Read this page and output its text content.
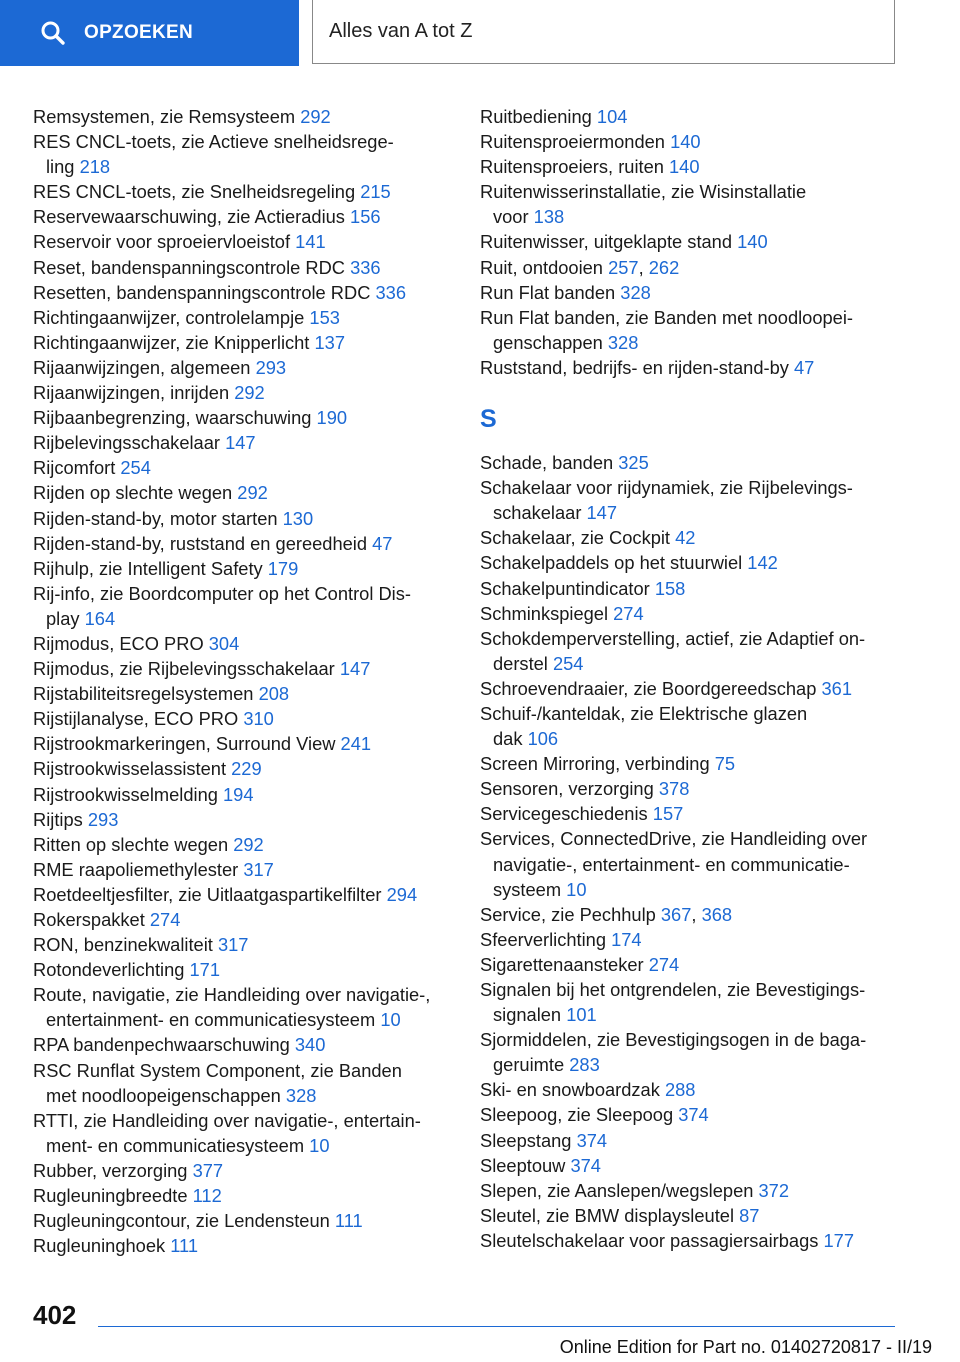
OPZOEKEN	Alles van A tot Z

Remsystemen, zie Remsysteem 292

RES CNCL-toets, zie Actieve snelheidsrege-
ling 218

RES CNCL-toets, zie Snelheidsregeling 215

Reservewaarschuwing, zie Actieradius 156

Reservoir voor sproeiervloeistof 141

Reset, bandenspanningscontrole RDC 336

Resetten, bandenspanningscontrole RDC 336

Richtingaanwijzer, controlelampje 153

Richtingaanwijzer, zie Knipperlicht 137

Rijaanwijzingen, algemeen 293

Rijaanwijzingen, inrijden 292

Rijbaanbegrenzing, waarschuwing 190

Rijbelevingsschakelaar 147

Rijcomfort 254

Rijden op slechte wegen 292

Rijden-stand-by, motor starten 130

Rijden-stand-by, ruststand en gereedheid 47

Rijhulp, zie Intelligent Safety 179

Rij-info, zie Boordcomputer op het Control Dis-
play 164

Rijmodus, ECO PRO 304

Rijmodus, zie Rijbelevingsschakelaar 147

Rijstabiliteitsregelsystemen 208

Rijstijlanalyse, ECO PRO 310

Rijstrookmarkeringen, Surround View 241

Rijstrookwisselassistent 229

Rijstrookwisselmelding 194

Rijtips 293

Ritten op slechte wegen 292

RME raapoliemethylester 317

Roetdeeltjesfilter, zie Uitlaatgaspartikelfilter 294

Rokerspakket 274

RON, benzinekwaliteit 317

Rotondeverlichting 171

Route, navigatie, zie Handleiding over navigatie-,
entertainment- en communicatiesysteem 10

RPA bandenpechwaarschuwing 340

RSC Runflat System Component, zie Banden
met noodloopeigenschappen 328

RTTI, zie Handleiding over navigatie-, entertain-
ment- en communicatiesysteem 10

Rubber, verzorging 377

Rugleuningbreedte 112

Rugleuningcontour, zie Lendensteun 111

Rugleuninghoek 111

Ruitbediening 104

Ruitensproeiermonden 140

Ruitensproeiers, ruiten 140

Ruitenwisserinstallatie, zie Wisinstallatie
voor 138

Ruitenwisser, uitgeklapte stand 140

Ruit, ontdooien 257, 262

Run Flat banden 328

Run Flat banden, zie Banden met noodloopei-
genschappen 328

Ruststand, bedrijfs- en rijden-stand-by 47

S

Schade, banden 325

Schakelaar voor rijdynamiek, zie Rijbelevings-
schakelaar 147

Schakelaar, zie Cockpit 42

Schakelpaddels op het stuurwiel 142

Schakelpuntindicator 158

Schminkspiegel 274

Schokdemperverstelling, actief, zie Adaptief on-
derstel 254

Schroevendraaier, zie Boordgereedschap 361

Schuif-/kanteldak, zie Elektrische glazen
dak 106

Screen Mirroring, verbinding 75

Sensoren, verzorging 378

Servicegeschiedenis 157

Services, ConnectedDrive, zie Handleiding over
navigatie-, entertainment- en communicatie-
systeem 10

Service, zie Pechhulp 367, 368

Sfeerverlichting 174

Sigarettenaansteker 274

Signalen bij het ontgrendelen, zie Bevestigings-
signalen 101

Sjormiddelen, zie Bevestigingsogen in de baga-
geruimte 283

Ski- en snowboardzak 288

Sleepoog, zie Sleepoog 374

Sleepstang 374

Sleeptouw 374

Slepen, zie Aanslepen/wegslepen 372

Sleutel, zie BMW displaysleutel 87

Sleutelschakelaar voor passagiersairbags 177

402
Online Edition for Part no. 01402720817 - II/19
